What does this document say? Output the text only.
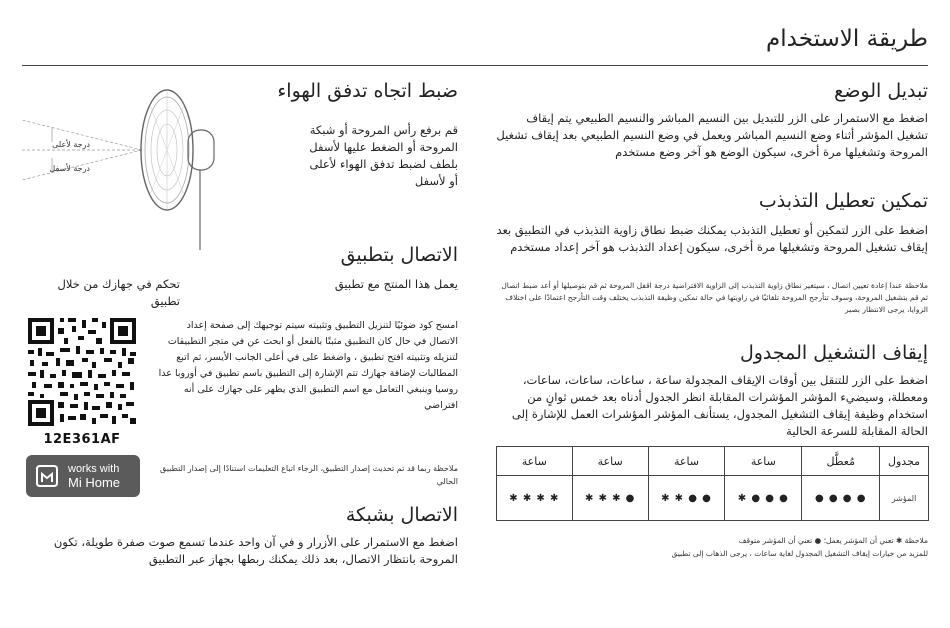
طريقة الاستخدام
تبديل الوضع
اضغط مع الاستمرار على الزر للتبديل بين النسيم المباشر والنسيم الطبيعي يتم إيقاف تشغيل المؤشر أثناء وضع النسيم المباشر ويعمل في وضع النسيم الطبيعي بعد إيقاف تشغيل المروحة وتشغيلها مرة أخرى، سيكون الوضع هو آخر وضع مستخدم
تمكين تعطيل التذبذب
اضغط على الزر لتمكين أو تعطيل التذبذب يمكنك ضبط نطاق زاوية التذبذب في التطبيق بعد إيقاف تشغيل المروحة وتشغيلها مرة أخرى، سيكون إعداد التذبذب هو آخر إعداد مستخدم
ملاحظة عندا إعادة تعيين اتصال ، سيتغير نطاق زاوية التذبذب إلى الزاوية الافتراضية درجة اقفل المروحة ثم قم بتوصيلها أو أعد ضبط اتصال ثم قم بتشغيل المروحة، وسوف تتأرجح المروحة تلقائيًا في زاويتها في حالة تمكين وظيفة التذبذب يختلف وقت التأرجح اعتمادًا على اختلاف الزوايا، يرجى الانتظار بصبر
إيقاف التشغيل المجدول
اضغط على الزر للتنقل بين أوقات الإيقاف المجدولة ساعة ، ساعات، ساعات، ساعات، ومعطلة، وسيضيء المؤشر المؤشرات المقابلة انظر الجدول أدناه بعد خمس ثوانٍ من استخدام وظيفة إيقاف التشغيل المجدول، يستأنف المؤشر المؤشرات العمل للإشارة إلى الحالة المقابلة للسرعة الحالية
مجدول	مُعطَّل	ساعة	ساعة	ساعة	ساعة
المؤشر	● ● ● ●	● ● ● ✱	● ● ✱ ✱	● ✱ ✱ ✱	✱ ✱ ✱ ✱
ملاحظة ✱ تعني أن المؤشر يعمل؛ ● تعني أن المؤشر متوقف
للمزيد من خيارات إيقاف التشغيل المجدول لغاية ساعات ، يرجى الذهاب إلى تطبيق
درجة لأعلى
درجة لأسفل
ضبط اتجاه تدفق الهواء
قم برفع رأس المروحة أو شبكة المروحة أو الضغط عليها لأسفل بلطف لضبط تدفق الهواء لأعلى أو لأسفل
الاتصال بتطبيق
يعمل هذا المنتج مع تطبيق
تحكم في جهازك من خلال تطبيق
12E361AF
امسح كود ضوئيًا لتنزيل التطبيق وتثبيته سيتم توجيهك إلى صفحة إعداد الاتصال في حال كان التطبيق مثبتًا بالفعل أو ابحث عن في متجر التطبيقات لتنزيله وتثبيته افتح تطبيق ، واضغط على في أعلى الجانب الأيسر، ثم اتبع المطالبات لإضافة جهازك تتم الإشارة إلى التطبيق باسم تطبيق في أوروبا عدا روسيا وينبغي التعامل مع اسم التطبيق الذي يظهر على جهازك على أنه افتراضي
works with
Mi Home
ملاحظة ربما قد تم تحديث إصدار التطبيق، الرجاء اتباع التعليمات استنادًا إلى إصدار التطبيق الحالي
الاتصال بشبكة
اضغط مع الاستمرار على الأزرار و في آن واحد عندما تسمع صوت صفرة طويلة، تكون المروحة بانتظار الاتصال، بعد ذلك يمكنك ربطها بجهاز عبر التطبيق
